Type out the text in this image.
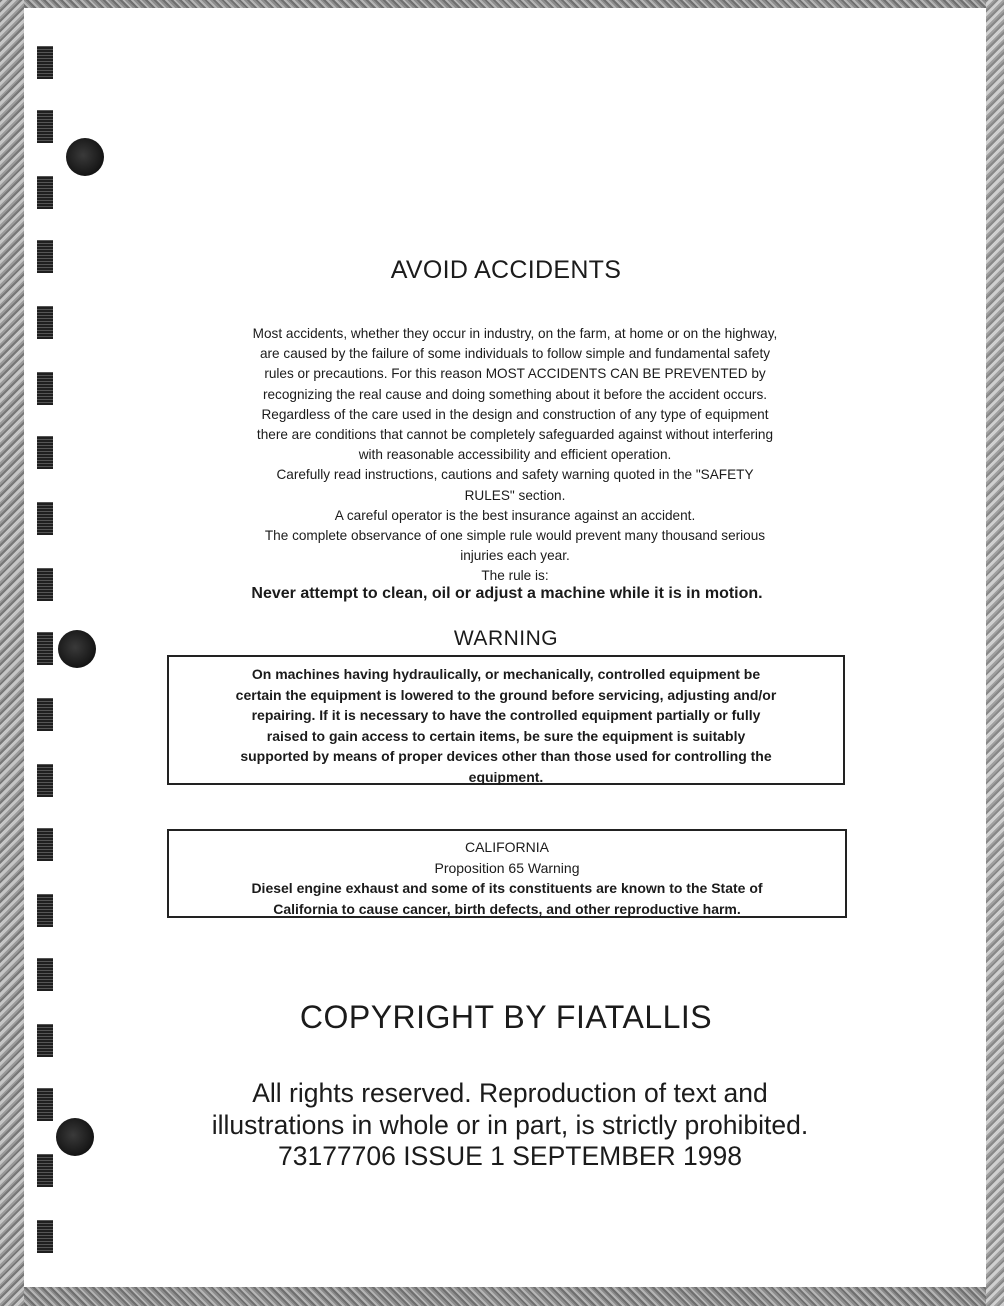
AVOID ACCIDENTS

Most accidents, whether they occur in industry, on the farm, at home or on the highway,

are caused by the failure of some individuals to follow simple and fundamental safety

rules or precautions. For this reason MOST ACCIDENTS CAN BE PREVENTED by

recognizing the real cause and doing something about it before the accident occurs.

Regardless of the care used in the design and construction of any type of equipment

there are conditions that cannot be completely safeguarded against without interfering

with reasonable accessibility and efficient operation.

Carefully read instructions, cautions and safety warning quoted in the "SAFETY

RULES" section.

A careful operator is the best insurance against an accident.

The complete observance of one simple rule would prevent many thousand serious

injuries each year.

The rule is:

Never attempt to clean, oil or adjust a machine while it is in motion.
WARNING
On machines having hydraulically, or mechanically, controlled equipment be
certain the equipment is lowered to the ground before servicing, adjusting and/or
repairing. If it is necessary to have the controlled equipment partially or fully
raised to gain access to certain items, be sure the equipment is suitably
supported by means of proper devices other than those used for controlling the
equipment.
CALIFORNIA
Proposition 65 Warning
Diesel engine exhaust and some of its constituents are known to the State of
California to cause cancer, birth defects, and other reproductive harm.
COPYRIGHT BY FIATALLIS
All rights reserved. Reproduction of text and
illustrations in whole or in part, is strictly prohibited.
73177706 ISSUE 1 SEPTEMBER 1998
